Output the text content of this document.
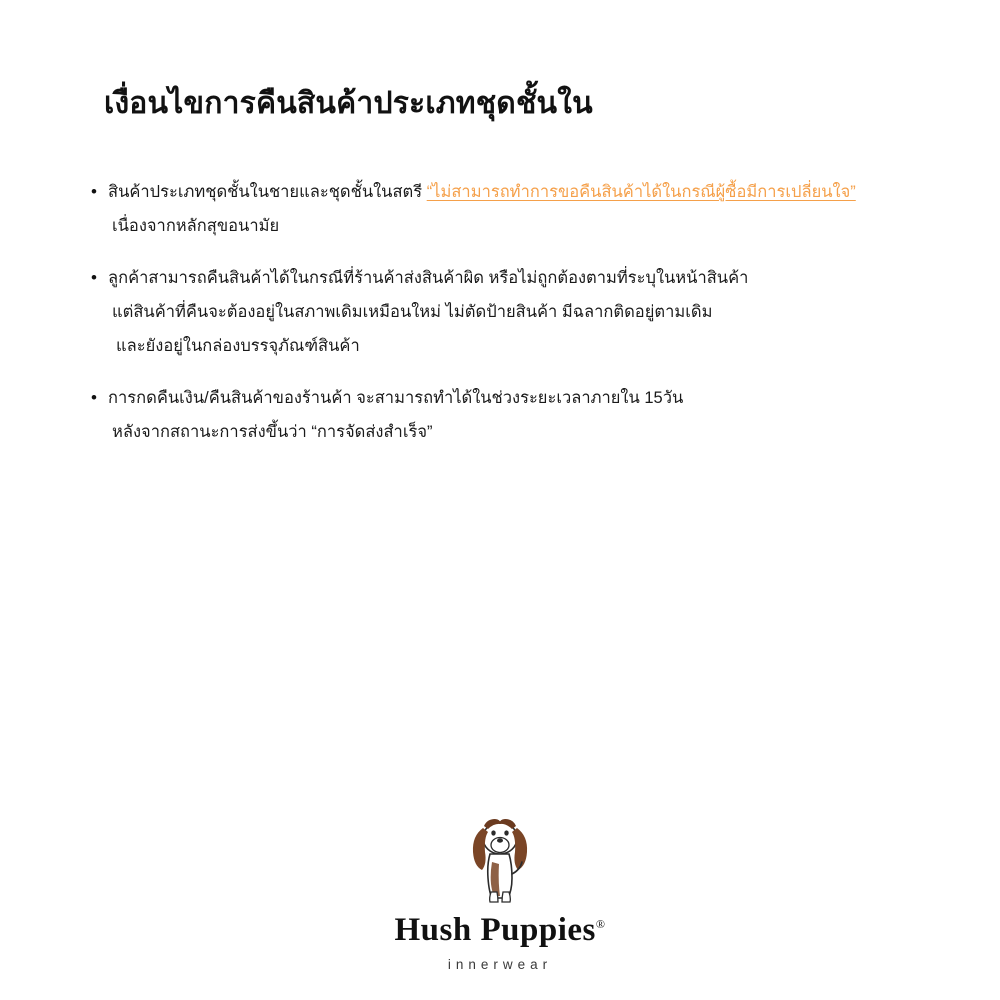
เงื่อนไขการคืนสินค้าประเภทชุดชั้นใน
• สินค้าประเภทชุดชั้นในชายและชุดชั้นในสตรี “ไม่สามารถทำการขอคืนสินค้าได้ในกรณีผู้ซื้อมีการเปลี่ยนใจ”
เนื่องจากหลักสุขอนามัย
• ลูกค้าสามารถคืนสินค้าได้ในกรณีที่ร้านค้าส่งสินค้าผิด หรือไม่ถูกต้องตามที่ระบุในหน้าสินค้า
แต่สินค้าที่คืนจะต้องอยู่ในสภาพเดิมเหมือนใหม่ ไม่ตัดป้ายสินค้า มีฉลากติดอยู่ตามเดิม
และยังอยู่ในกล่องบรรจุภัณฑ์สินค้า
• การกดคืนเงิน/คืนสินค้าของร้านค้า จะสามารถทำได้ในช่วงระยะเวลาภายใน 15วัน
หลังจากสถานะการส่งขึ้นว่า “การจัดส่งสำเร็จ”
Hush Puppies®
innerwear
